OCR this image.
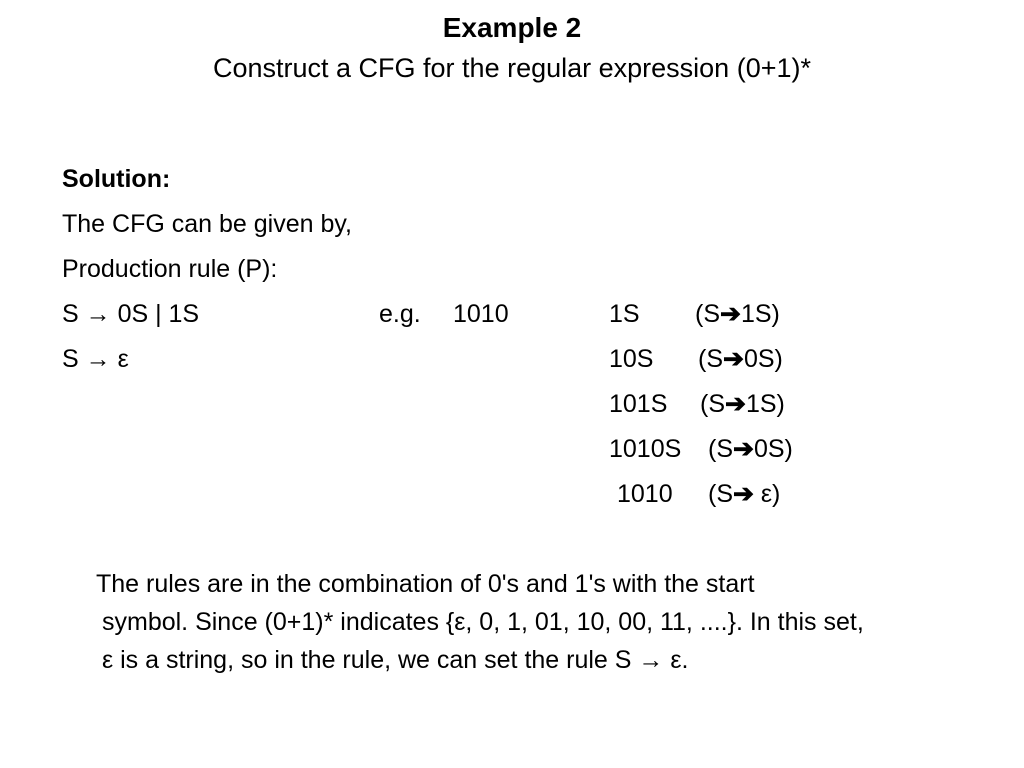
Example 2
Construct a CFG for the regular expression (0+1)*
Solution:
The CFG can be given by,
Production rule (P):
S → 0S | 1S
S → ε
e.g. 1010	1S (S➔1S)
10S (S➔0S)
101S (S➔1S)
1010S (S➔0S)
1010 (S➔ ε)
The rules are in the combination of 0's and 1's with the start
symbol. Since (0+1)* indicates {ε, 0, 1, 01, 10, 00, 11, ....}. In this set,
ε is a string, so in the rule, we can set the rule S → ε.
